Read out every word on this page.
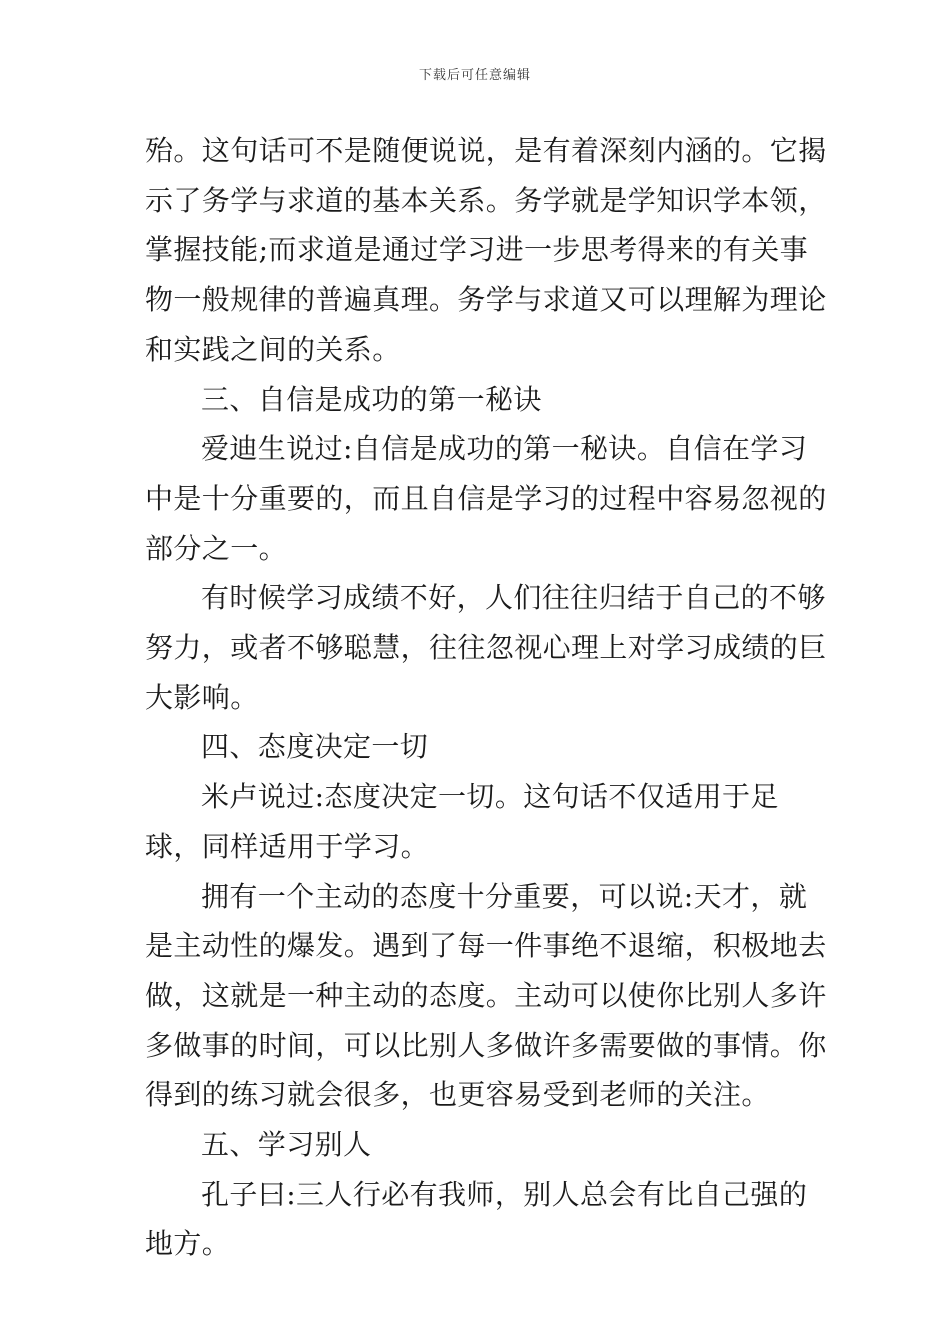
下载后可任意编辑

殆。这句话可不是随便说说，是有着深刻内涵的。它揭示了务学与求道的基本关系。务学就是学知识学本领，掌握技能;而求道是通过学习进一步思考得来的有关事物一般规律的普遍真理。务学与求道又可以理解为理论和实践之间的关系。

三、自信是成功的第一秘诀

爱迪生说过:自信是成功的第一秘诀。自信在学习中是十分重要的，而且自信是学习的过程中容易忽视的部分之一。

有时候学习成绩不好，人们往往归结于自己的不够努力，或者不够聪慧，往往忽视心理上对学习成绩的巨大影响。

四、态度决定一切

米卢说过:态度决定一切。这句话不仅适用于足球，同样适用于学习。

拥有一个主动的态度十分重要，可以说:天才，就是主动性的爆发。遇到了每一件事绝不退缩，积极地去做，这就是一种主动的态度。主动可以使你比别人多许多做事的时间，可以比别人多做许多需要做的事情。你得到的练习就会很多，也更容易受到老师的关注。

五、学习别人

孔子曰:三人行必有我师，别人总会有比自己强的地方。
